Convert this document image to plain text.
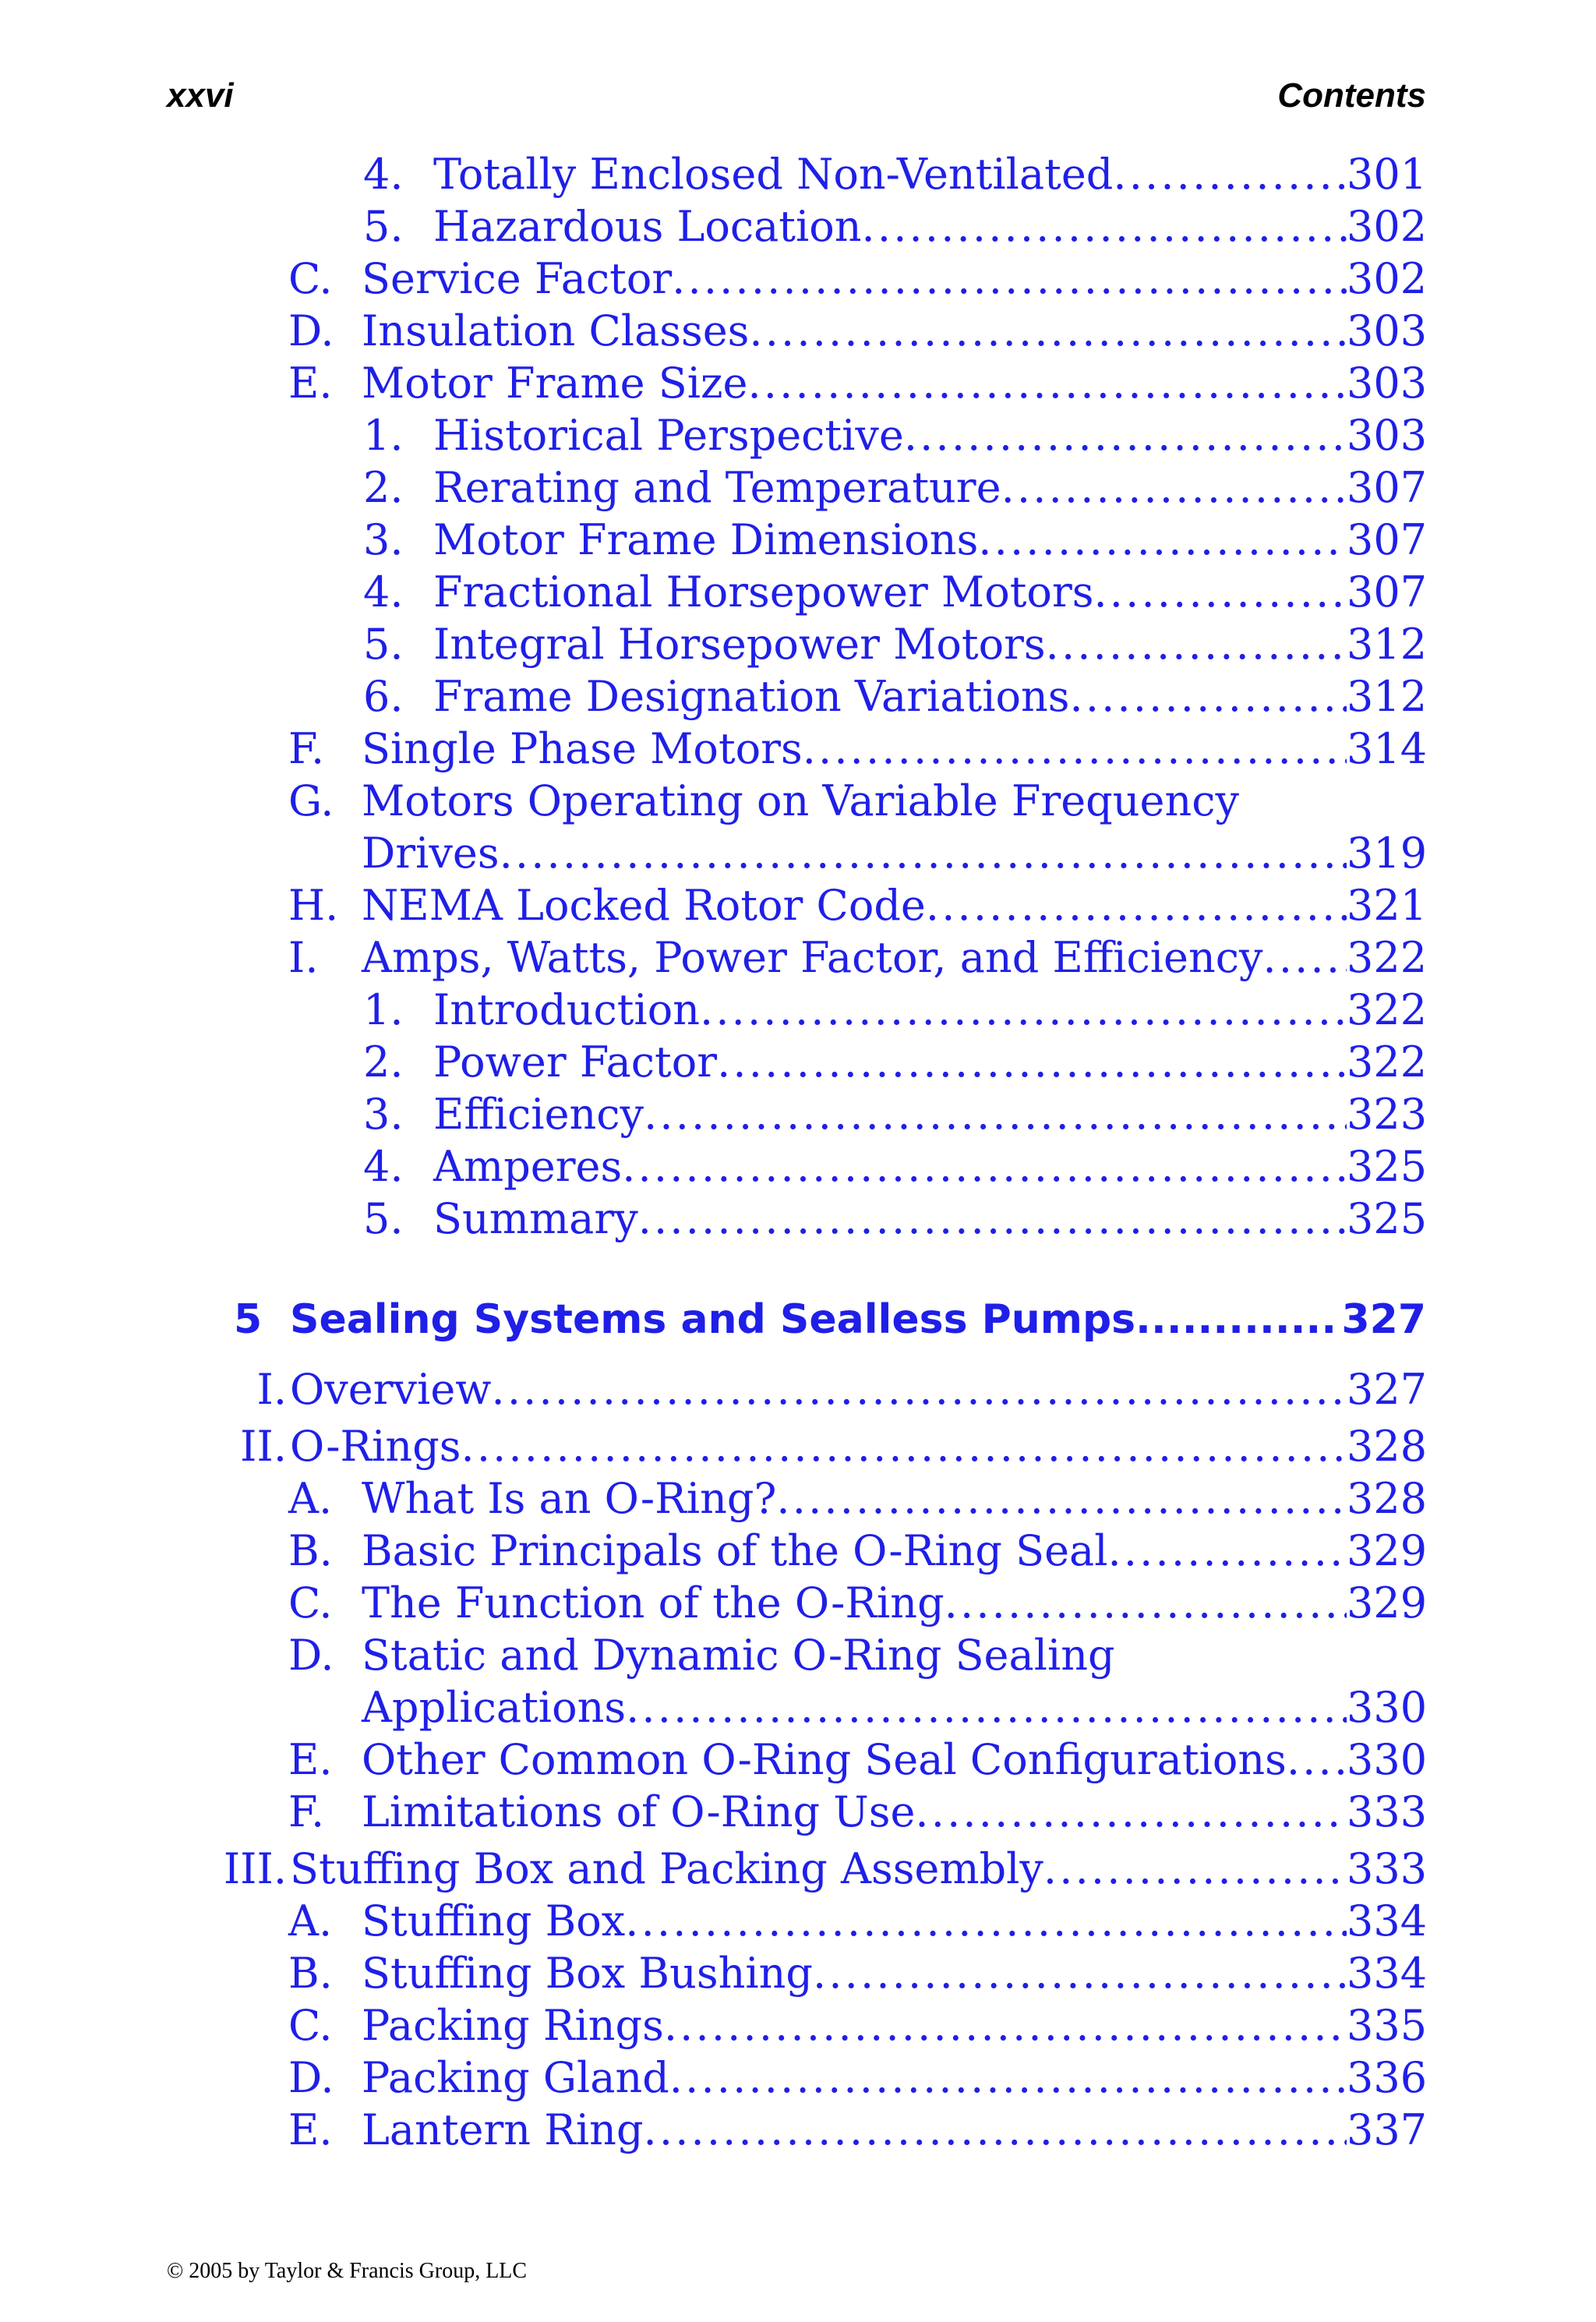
xxvi	Contents
4. Totally Enclosed Non-Ventilated . . .	301
5. Hazardous Location . . .	302
C. Service Factor . . .	302
D. Insulation Classes . . .	303
E. Motor Frame Size . . .	303
1. Historical Perspective . . .	303
2. Rerating and Temperature . . .	307
3. Motor Frame Dimensions . . .	307
4. Fractional Horsepower Motors . . .	307
5. Integral Horsepower Motors . . .	312
6. Frame Designation Variations . . .	312
F. Single Phase Motors . . .	314
G. Motors Operating on Variable Frequency
Drives . . .	319
H. NEMA Locked Rotor Code . . .	321
I. Amps, Watts, Power Factor, and Efficiency . . . 322
1. Introduction . . .	322
2. Power Factor . . .	322
3. Efficiency . . .	323
4. Amperes . . .	325
5. Summary . . .	325
5 Sealing Systems and Sealless Pumps . . .	327
I. Overview . . .	327
II. O-Rings . . .	328
A. What Is an O-Ring? . . .	328
B. Basic Principals of the O-Ring Seal . . .	329
C. The Function of the O-Ring . . .	329
D. Static and Dynamic O-Ring Sealing
Applications . . .	330
E. Other Common O-Ring Seal Configurations . . . 330
F. Limitations of O-Ring Use . . .	333
III. Stuffing Box and Packing Assembly . . .	333
A. Stuffing Box . . .	334
B. Stuffing Box Bushing . . .	334
C. Packing Rings . . .	335
D. Packing Gland . . .	336
E. Lantern Ring . . .	337
© 2005 by Taylor & Francis Group, LLC
